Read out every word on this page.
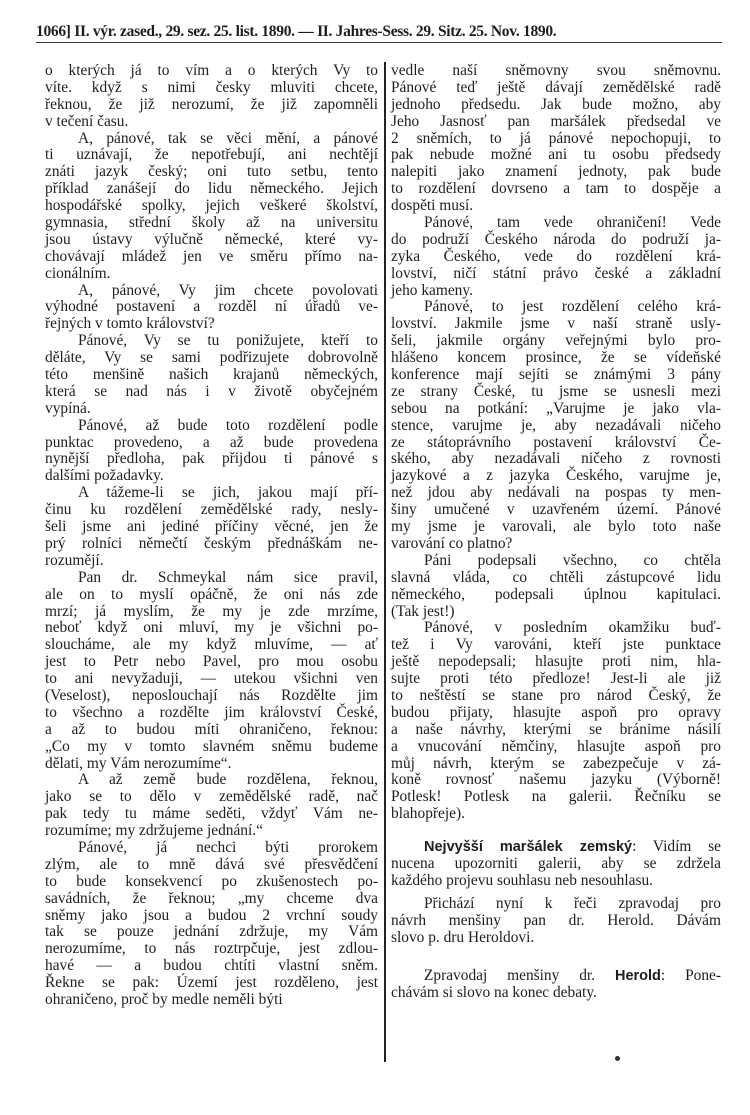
1066] II. výr. zased., 29. sez. 25. list. 1890. — II. Jahres-Sess. 29. Sitz. 25. Nov. 1890.
o kterých já to vím a o kterých Vy to
víte. když s nimi česky mluviti chcete,
řeknou, že již nerozumí, že již zapomněli
v tečení času.
A, pánové, tak se věci mění, a pánové
ti uznávají, že nepotřebují, ani nechtějí
znáti jazyk český; oni tuto setbu, tento
příklad zanášejí do lidu německého. Jejich
hospodářské spolky, jejich veškeré školství,
gymnasia, střední školy až na universitu
jsou ústavy výlučně německé, které vy-
chovávají mládež jen ve směru přímo na-
cionálním.
A, pánové, Vy jim chcete povolovati
výhodné postavení a rozděl ní úřadů ve-
řejných v tomto království?
Pánové, Vy se tu ponižujete, kteří to
děláte, Vy se sami podřizujete dobrovolně
této menšině našich krajanů německých,
která se nad nás i v životě obyčejném
vypíná.
Pánové, až bude toto rozdělení podle
punktac provedeno, a až bude provedena
nynější předloha, pak přijdou ti pánové s
dalšími požadavky.
A tážeme-li se jich, jakou mají pří-
činu ku rozdělení zemědělské rady, nesly-
šeli jsme ani jediné příčiny věcné, jen že
prý rolníci němečtí českým přednáškám ne-
rozumějí.
Pan dr. Schmeykal nám sice pravil,
ale on to myslí opáčně, že oni nás zde
mrzí; já myslím, že my je zde mrzíme,
neboť když oni mluví, my je všichni po-
sloucháme, ale my když mluvíme, — ať
jest to Petr nebo Pavel, pro mou osobu
to ani nevyžaduji, — utekou všichni ven
(Veselost), neposlouchají nás Rozdělte jim
to všechno a rozdělte jim království České,
a až to budou míti ohraničeno, řeknou:
„Co my v tomto slavném sněmu budeme
dělati, my Vám nerozumíme“.
A až země bude rozdělena, řeknou,
jako se to dělo v zemědělské radě, nač
pak tedy tu máme seděti, vždyť Vám ne-
rozumíme; my zdržujeme jednání.“
Pánové, já nechci býti prorokem
zlým, ale to mně dává své přesvědčení
to bude konsekvencí po zkušenostech po-
savádních, že řeknou; „my chceme dva
sněmy jako jsou a budou 2 vrchní soudy
tak se pouze jednání zdržuje, my Vám
nerozumíme, to nás roztrpčuje, jest zdlou-
havé — a budou chtíti vlastní sněm.
Řekne se pak: Území jest rozděleno, jest
ohraničeno, proč by medle neměli býti
vedle naší sněmovny svou sněmovnu.
Pánové teď ještě dávají zemědělské radě
jednoho předsedu. Jak bude možno, aby
Jeho Jasnosť pan maršálek předsedal ve
2 sněmích, to já pánové nepochopuji, to
pak nebude možné ani tu osobu předsedy
nalepiti jako znamení jednoty, pak bude
to rozdělení dovrseno a tam to dospěje a
dospěti musí.
Pánové, tam vede ohraničení! Vede
do podruží Českého národa do podruží ja-
zyka Českého, vede do rozdělení krá-
lovství, ničí státní právo české a základní
jeho kameny.
Pánové, to jest rozdělení celého krá-
lovství. Jakmile jsme v naší straně usly-
šeli, jakmile orgány veřejnými bylo pro-
hlášeno koncem prosince, že se vídeňské
konference mají sejíti se známými 3 pány
ze strany České, tu jsme se usnesli mezi
sebou na potkání: „Varujme je jako vla-
stence, varujme je, aby nezadávali ničeho
ze státoprávního postavení království Če-
ského, aby nezadávali ničeho z rovnosti
jazykové a z jazyka Českého, varujme je,
než jdou aby nedávali na pospas ty men-
šiny umučené v uzavřeném území. Pánové
my jsme je varovali, ale bylo toto naše
varování co platno?
Páni podepsali všechno, co chtěla
slavná vláda, co chtěli zástupcové lidu
německého, podepsali úplnou kapitulaci.
(Tak jest!)
Pánové, v posledním okamžiku buď-
tež i Vy varováni, kteří jste punktace
ještě nepodepsali; hlasujte proti nim, hla-
sujte proti této předloze! Jest-li ale již
to neštěstí se stane pro národ Český, že
budou přijaty, hlasujte aspoň pro opravy
a naše návrhy, kterými se bránime násilí
a vnucování němčiny, hlasujte aspoň pro
můj návrh, kterým se zabezpečuje v zá-
koně rovnosť našemu jazyku (Výborně!
Potlesk! Potlesk na galerii. Řečníku se
blahopřeje).
Nejvyšší maršálek zemský: Vidím se
nucena upozorniti galerii, aby se zdržela
každého projevu souhlasu neb nesouhlasu.
Přichází nyní k řeči zpravodaj pro
návrh menšiny pan dr. Herold. Dávám
slovo p. dru Heroldovi.
Zpravodaj menšiny dr. Herold: Pone-
chávám si slovo na konec debaty.
